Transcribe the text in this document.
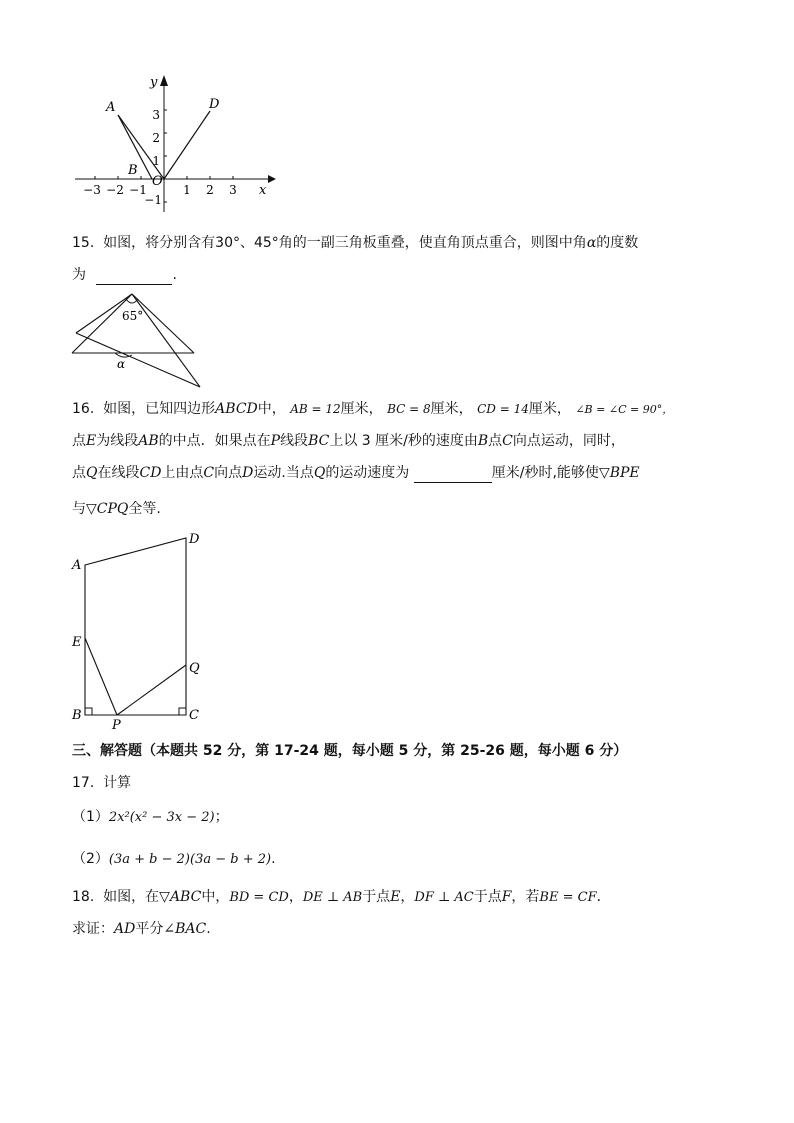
−3 −2 −1	1 2 3
3
2
1
−1
x
y
O
A
B
D
15. 如图，将分别含有30°、45°角的一副三角板重叠，使直角顶点重合，则图中角α的度数
为	.
65°
α
16. 如图，已知四边形ABCD中， AB = 12厘米， BC = 8厘米， CD = 14厘米， ∠B = ∠C = 90°，
点E为线段AB的中点．如果点在P线段BC上以 3 厘米/秒的速度由B点C向点运动，同时，
点Q在线段CD上由点C向点D运动.当点Q的运动速度为	厘米/秒时,能够使▽BPE
与▽CPQ全等.
A
D
E
Q
B	C
P
三、解答题（本题共 52 分，第 17-24 题，每小题 5 分，第 25-26 题，每小题 6 分）
17. 计算
（1）2x²(x² − 3x − 2)；
（2）(3a + b − 2)(3a − b + 2).
18. 如图，在▽ABC中，BD = CD，DE ⊥ AB于点E，DF ⊥ AC于点F，若BE = CF．
求证：AD平分∠BAC.
